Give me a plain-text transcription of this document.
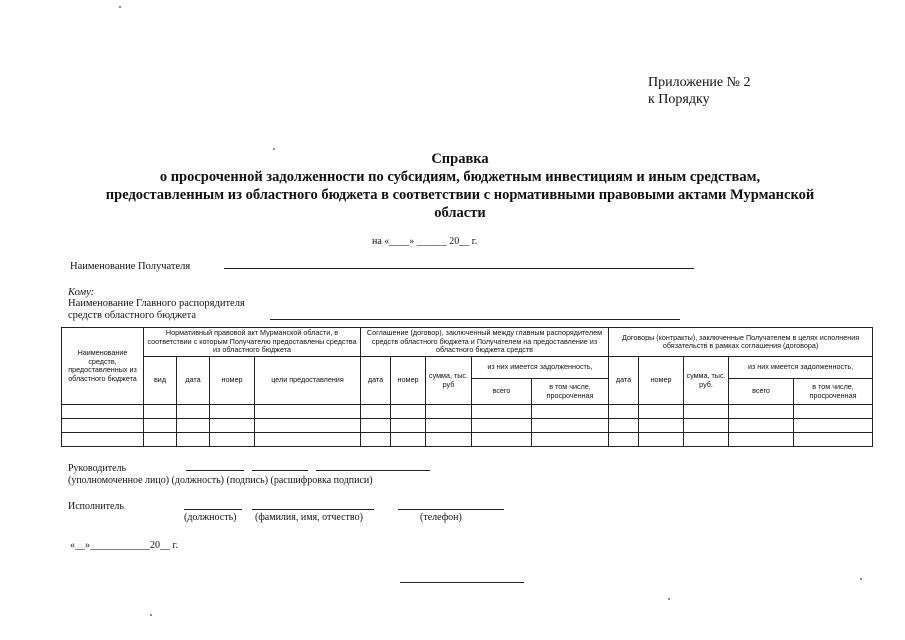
Приложение № 2
к Порядку
Справка
о просроченной задолженности по субсидиям, бюджетным инвестициям и иным средствам,
предоставленным из областного бюджета в соответствии с нормативными правовыми актами Мурманской
области
на «____» ______ 20__ г.
Наименование Получателя
Кому:
Наименование Главного распорядителя
средств областного бюджета
Наименование средств, предоставленных из областного бюджета	Нормативный правовой акт Мурманской области, в соответствии с которым Получателю предоставлены средства из областного бюджета				Соглашение (договор), заключенный между главным распорядителем средств областного бюджета и Получателем на предоставление из областного бюджета средств					Договоры (контракты), заключенные Получателем в целях исполнения обязательств в рамках соглашения (договора)				
	вид	дата	номер	цели предоставления	дата	номер	сумма, тыс. руб	из них имеется задолженность,		дата	номер	сумма, тыс. руб.	из них имеется задолженность,	
								всего	в том числе, просроченная				всего	в том числе, просроченная

Руководитель
(уполномоченное лицо) (должность) (подпись) (расшифровка подписи)
Исполнитель
(должность) (фамилия, имя, отчество)	(телефон)
«__»____________20__ г.
